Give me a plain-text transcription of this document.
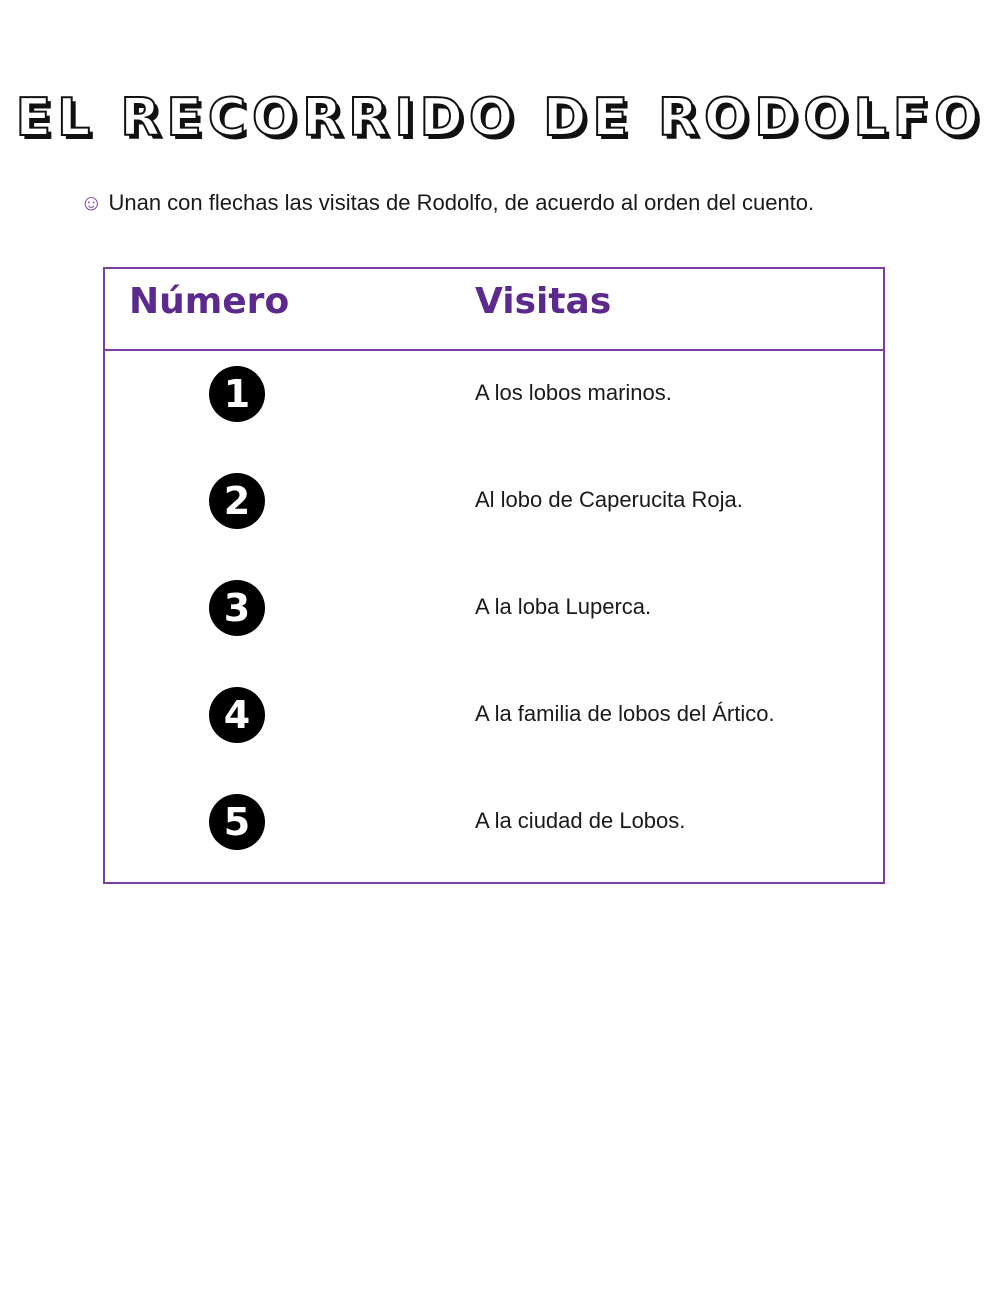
EL RECORRIDO DE RODOLFO
☺ Unan con flechas las visitas de Rodolfo, de acuerdo al orden del cuento.
Número	Visitas
1	A los lobos marinos.
2	Al lobo de Caperucita Roja.
3	A la loba Luperca.
4	A la familia de lobos del Ártico.
5	A la ciudad de Lobos.
